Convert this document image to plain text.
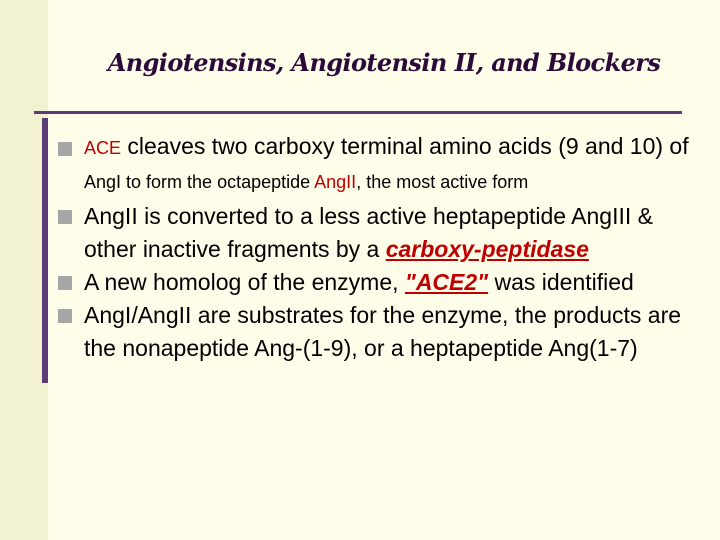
Angiotensins, Angiotensin II, and Blockers
ACE cleaves two carboxy terminal amino acids (9 and 10) of AngI to form the octapeptide AngII, the most active form
AngII is converted to a less active heptapeptide AngIII & other inactive fragments by a carboxy-peptidase
A new homolog of the enzyme, "ACE2" was identified
AngI/AngII are substrates for the enzyme, the products are the nonapeptide Ang-(1-9), or a heptapeptide Ang(1-7)
